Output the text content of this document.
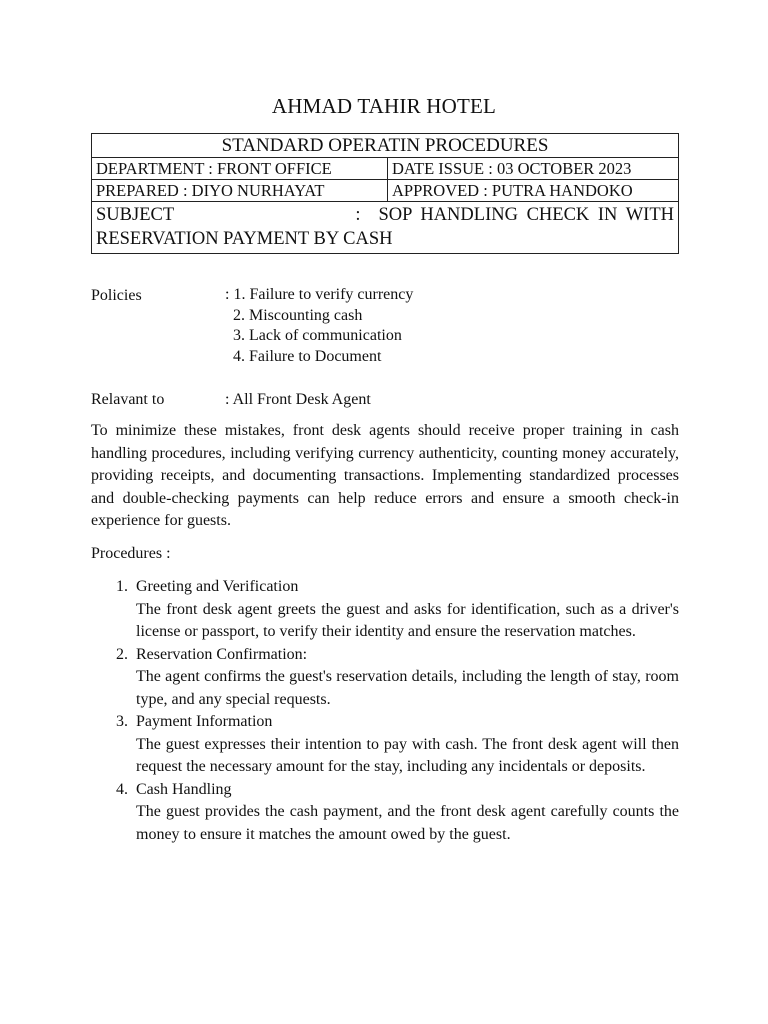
AHMAD TAHIR HOTEL
STANDARD OPERATIN PROCEDURES	
DEPARTMENT : FRONT OFFICE	DATE ISSUE : 03 OCTOBER 2023
PREPARED : DIYO NURHAYAT	APPROVED : PUTRA HANDOKO

SUBJECT : SOP HANDLING CHECK IN WITH
RESERVATION PAYMENT BY CASH	
Policies	: 1. Failure to verify currency
2. Miscounting cash
3. Lack of communication
4. Failure to Document
Relavant to	: All Front Desk Agent
To minimize these mistakes, front desk agents should receive proper training in cash handling procedures, including verifying currency authenticity, counting money accurately, providing receipts, and documenting transactions. Implementing standardized processes and double-checking payments can help reduce errors and ensure a smooth check-in experience for guests.
Procedures :
1. Greeting and Verification
The front desk agent greets the guest and asks for identification, such as a driver's license or passport, to verify their identity and ensure the reservation matches.
2. Reservation Confirmation:
The agent confirms the guest's reservation details, including the length of stay, room type, and any special requests.
3. Payment Information
The guest expresses their intention to pay with cash. The front desk agent will then request the necessary amount for the stay, including any incidentals or deposits.
4. Cash Handling
The guest provides the cash payment, and the front desk agent carefully counts the money to ensure it matches the amount owed by the guest.
